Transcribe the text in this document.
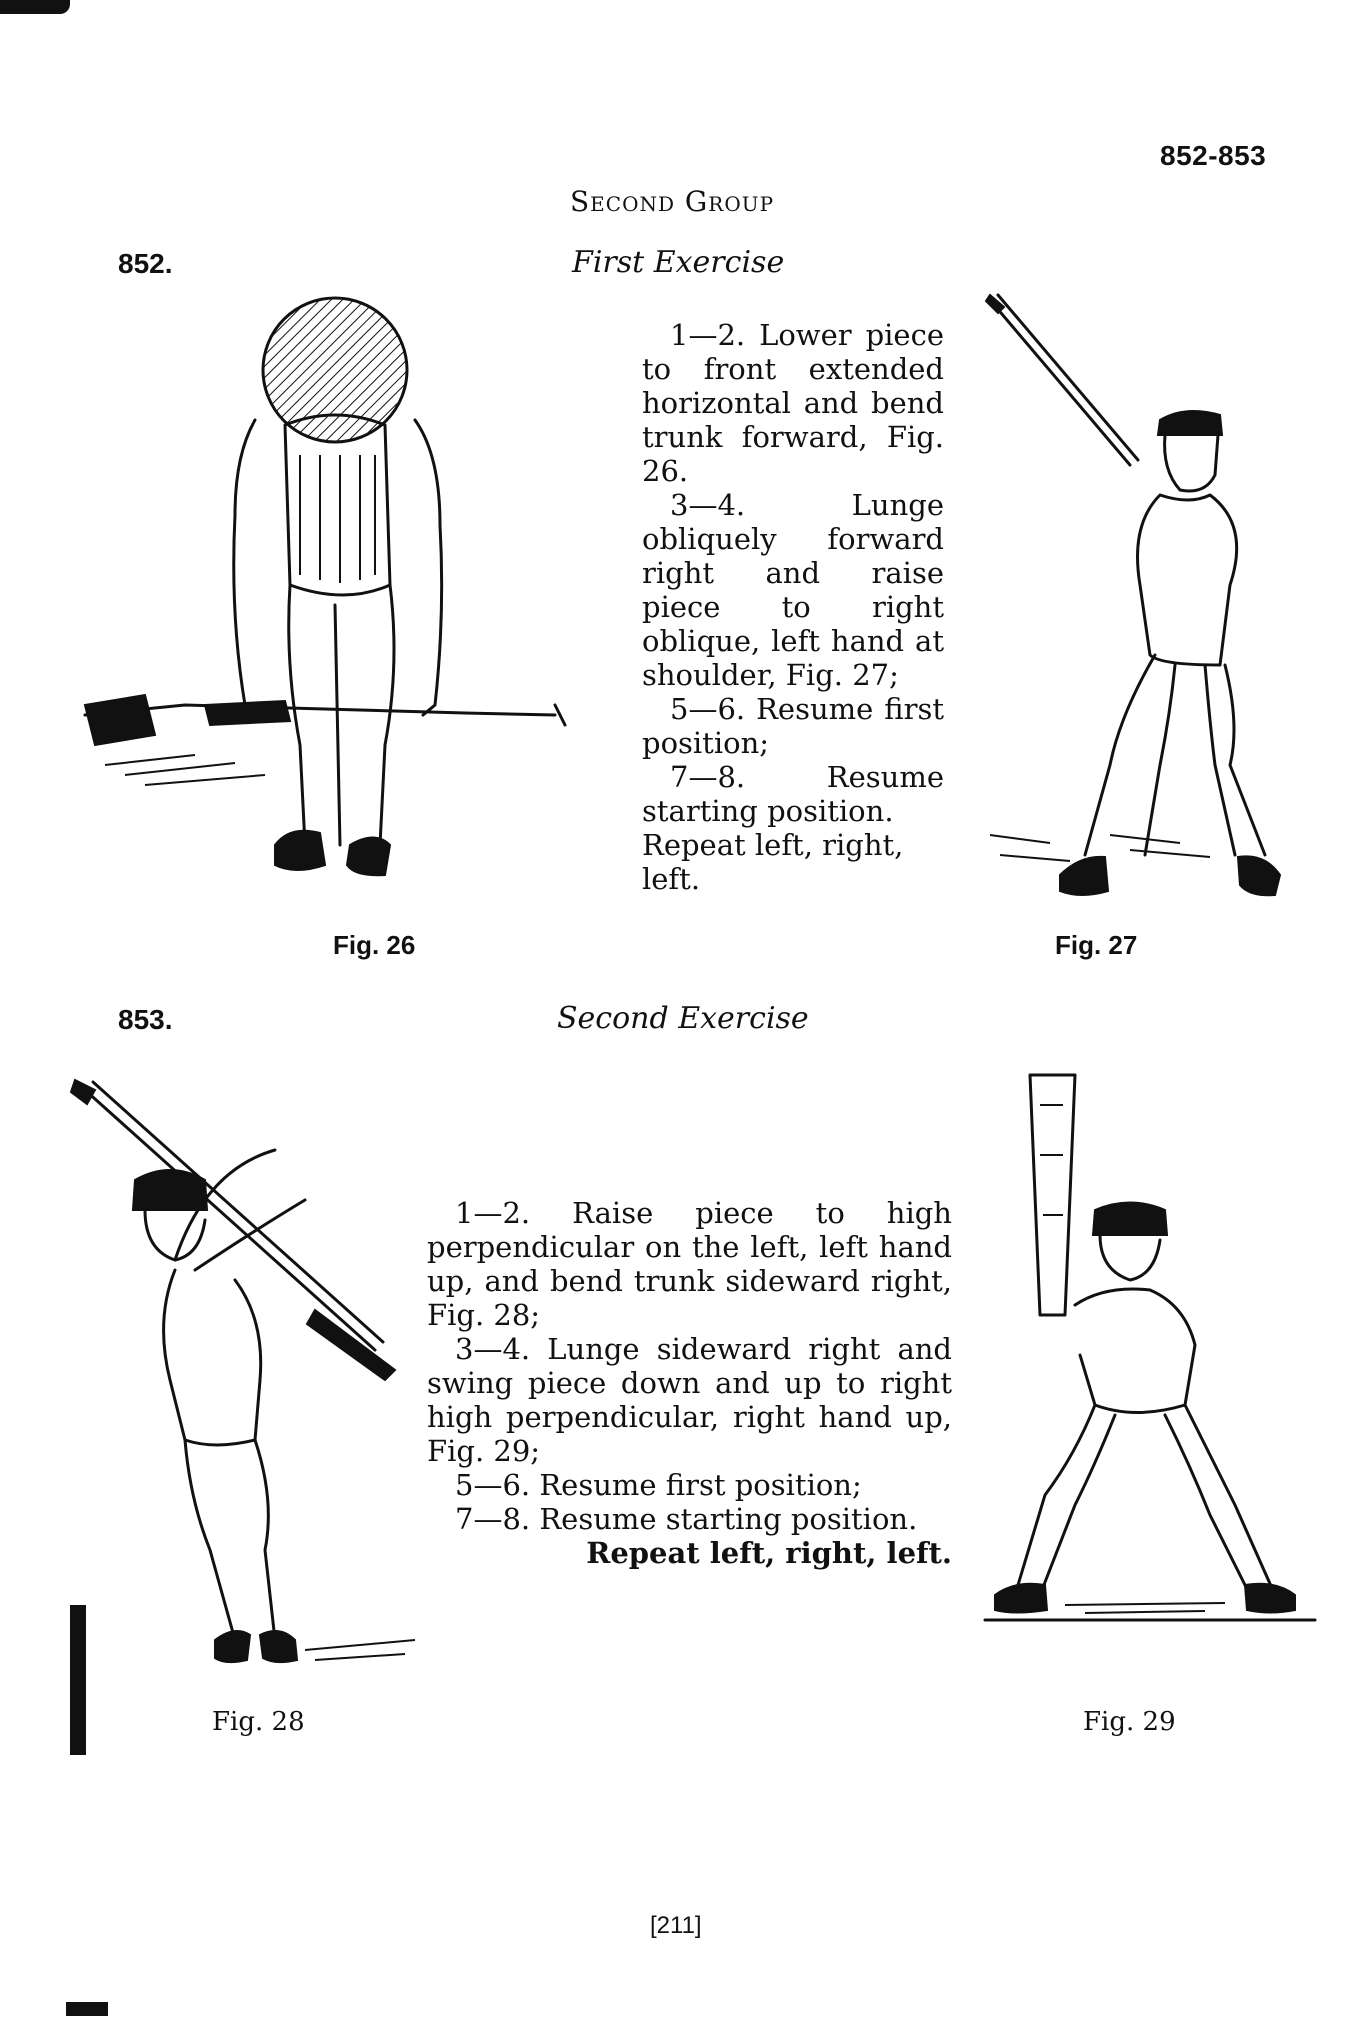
852-853
Second Group
852.	First Exercise

1—2. Lower piece to front extended horizontal and bend trunk forward, Fig. 26.

3—4. Lunge obliquely forward right and raise piece to right oblique, left hand at shoulder, Fig. 27;

5—6. Resume first position;

7—8. Resume starting position.

Repeat left, right, left.

Fig. 26	Fig. 27
853.	Second Exercise

1—2. Raise piece to high perpendicular on the left, left hand up, and bend trunk sideward right, Fig. 28;

3—4. Lunge sideward right and swing piece down and up to right high perpendicular, right hand up, Fig. 29;

5—6. Resume first position;

7—8. Resume starting position.

Repeat left, right, left.

Fig. 28	Fig. 29
[211]
